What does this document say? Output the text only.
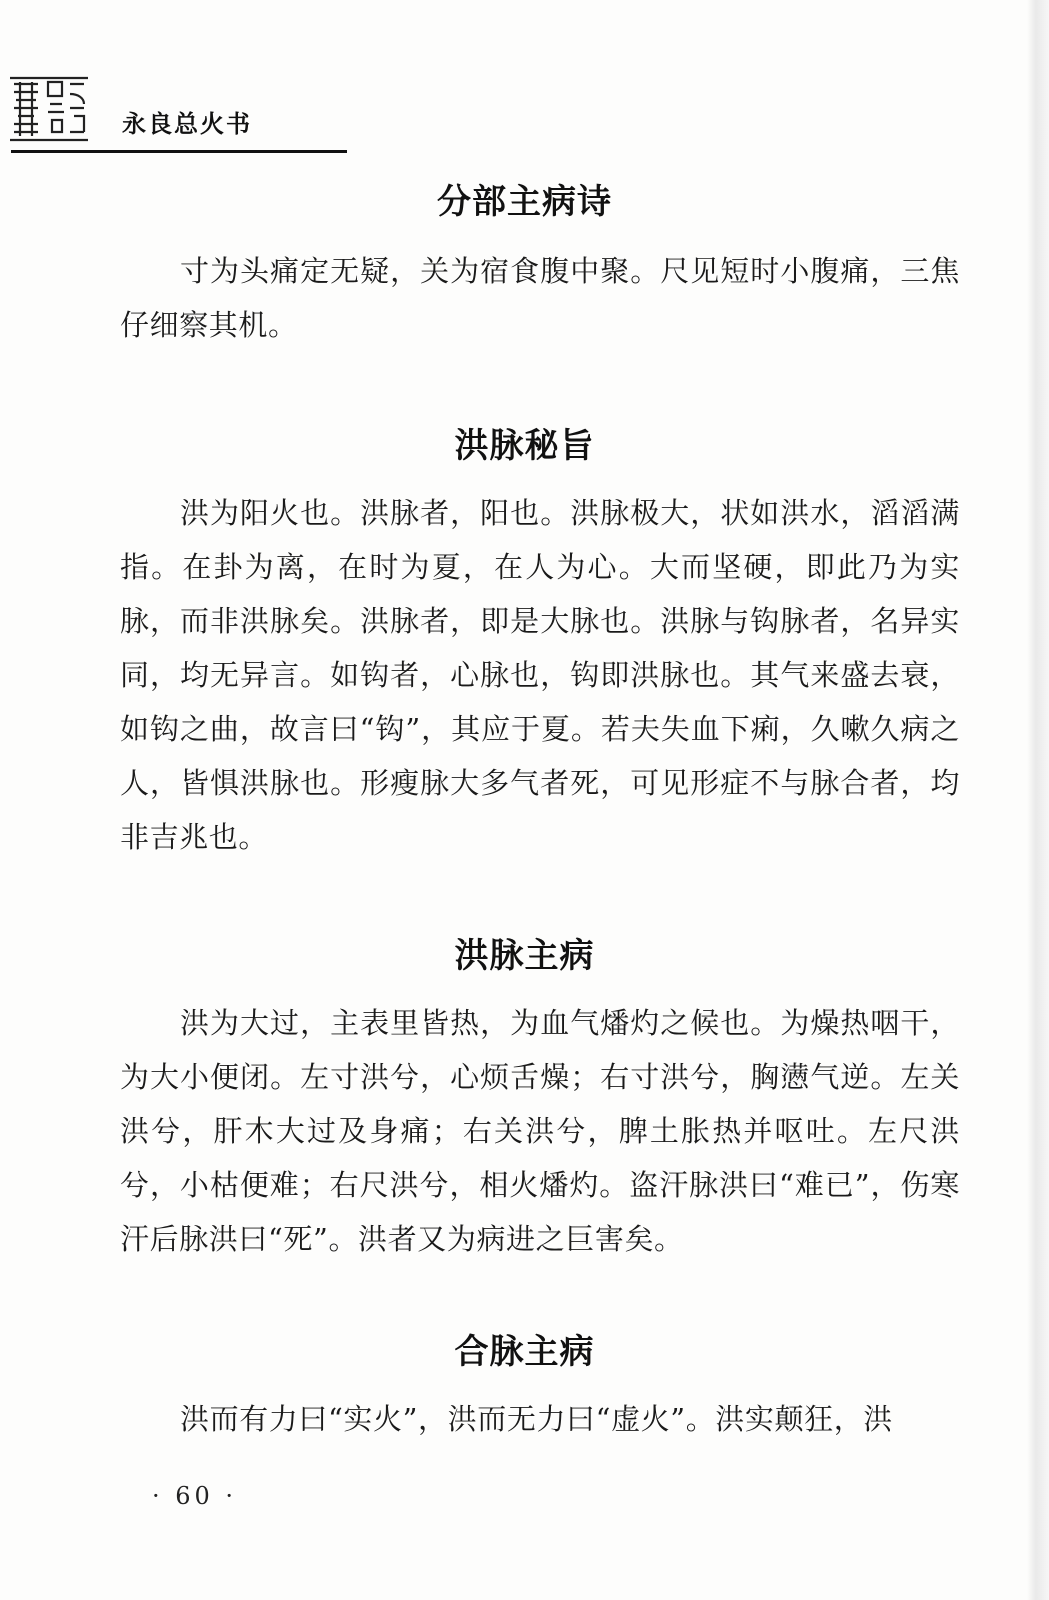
永良总火书
分部主病诗

寸为头痛定无疑，关为宿食腹中聚。尺见短时小腹痛，三焦仔细察其机。

洪脉秘旨

洪为阳火也。洪脉者，阳也。洪脉极大，状如洪水，滔滔满指。在卦为离，在时为夏，在人为心。大而坚硬，即此乃为实脉，而非洪脉矣。洪脉者，即是大脉也。洪脉与钩脉者，名异实同，均无异言。如钩者，心脉也，钩即洪脉也。其气来盛去衰，如钩之曲，故言曰“钩”，其应于夏。若夫失血下痢，久嗽久病之人，皆惧洪脉也。形瘦脉大多气者死，可见形症不与脉合者，均非吉兆也。

洪脉主病

洪为大过，主表里皆热，为血气燔灼之候也。为燥热咽干，为大小便闭。左寸洪兮，心烦舌燥；右寸洪兮，胸懑气逆。左关洪兮，肝木大过及身痛；右关洪兮，脾土胀热并呕吐。左尺洪兮，小枯便难；右尺洪兮，相火燔灼。盗汗脉洪曰“难已”，伤寒汗后脉洪曰“死”。洪者又为病进之巨害矣。

合脉主病

洪而有力曰“实火”，洪而无力曰“虚火”。洪实颠狂，洪

· 60 ·
